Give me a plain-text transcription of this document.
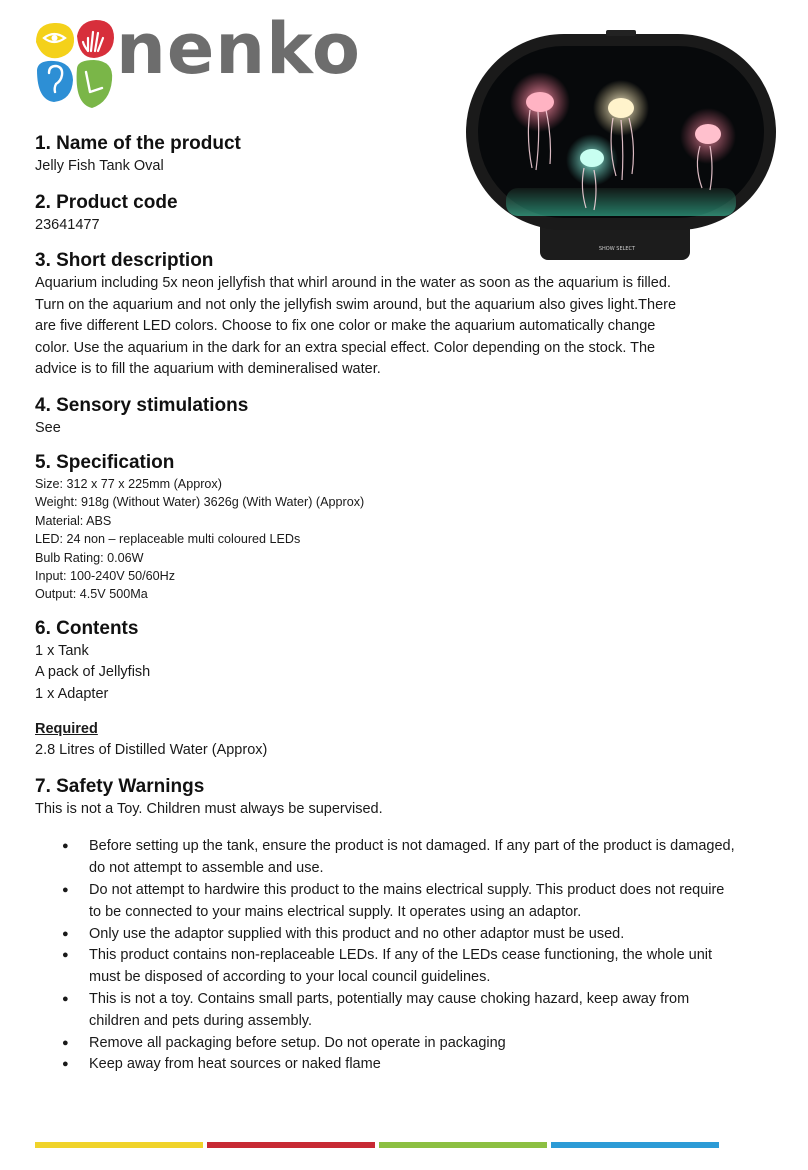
nenko
SHOW SELECT
1. Name of the product

Jelly Fish Tank Oval

2. Product code

23641477

3. Short description

Aquarium including 5x neon jellyfish that whirl around in the water as soon as the aquarium is filled.

Turn on the aquarium and not only the jellyfish swim around, but the aquarium also gives light.There

are five different LED colors. Choose to fix one color or make the aquarium automatically change

color. Use the aquarium in the dark for an extra special effect. Color depending on the stock. The

advice is to fill the aquarium with demineralised water.

4. Sensory stimulations

See

5. Specification

Size: 312 x 77 x 225mm (Approx)

Weight: 918g (Without Water) 3626g (With Water) (Approx)

Material: ABS

LED: 24 non – replaceable multi coloured LEDs

Bulb Rating: 0.06W

Input: 100-240V 50/60Hz

Output: 4.5V 500Ma

6. Contents

1 x Tank

A pack of Jellyfish

1 x Adapter

Required

2.8 Litres of Distilled Water (Approx)

7. Safety Warnings

This is not a Toy. Children must always be supervised.

● Before setting up the tank, ensure the product is not damaged. If any part of the product is damaged, do not attempt to assemble and use.
● Do not attempt to hardwire this product to the mains electrical supply. This product does not require to be connected to your mains electrical supply. It operates using an adaptor.
● Only use the adaptor supplied with this product and no other adaptor must be used.
● This product contains non-replaceable LEDs. If any of the LEDs cease functioning, the whole unit must be disposed of according to your local council guidelines.
● This is not a toy. Contains small parts, potentially may cause choking hazard, keep away from children and pets during assembly.
● Remove all packaging before setup. Do not operate in packaging
● Keep away from heat sources or naked flame
